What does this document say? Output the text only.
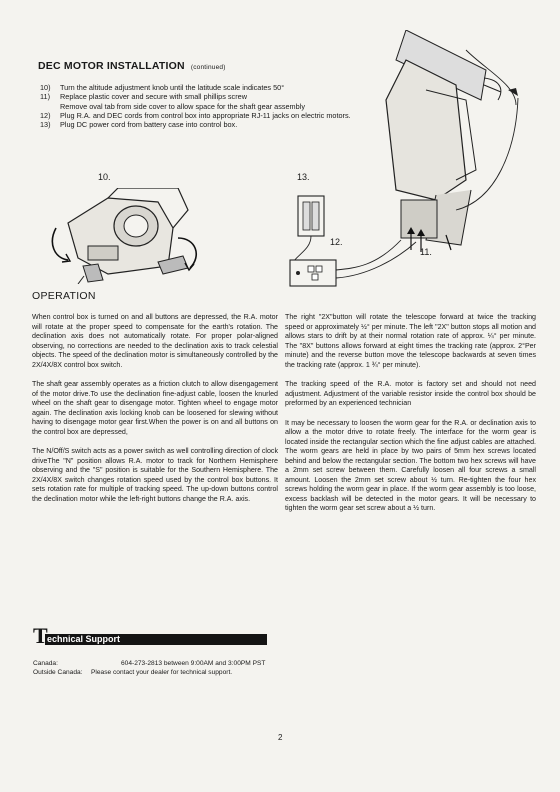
DEC MOTOR INSTALLATION (continued)
10)	Turn the altitude adjustment knob until the latitude scale indicates 50°
11)	Replace plastic cover and secure with small phillips screw
Remove oval tab from side cover to allow space for the shaft gear assembly
12)	Plug R.A. and DEC cords from control box into appropriate RJ-11 jacks on electric motors.
13)	Plug DC power cord from battery case into control box.
10.	13.
12.
11.
OPERATION

When control box is turned on and all buttons are depressed, the R.A. motor will rotate at the proper speed to compensate for the earth's rotation. The declination axis does not automatically rotate. For proper polar-aligned observing, no corrections are needed to the declination axis to track celestial objects. The speed of the declination motor is simultaneously controlled by the 2X/4X/8X control box switch.

The shaft gear assembly operates as a friction clutch to allow disengagement of the motor drive.To use the declination fine-adjust cable, loosen the knurled wheel on the shaft gear to disengage motor. Tighten wheel to engage motor again. The declination axis locking knob can be loosened for slewing without having to disengage motor gear first.When the power is on and all buttons on the control box are depressed,

The N/Off/S switch acts as a power switch as well controlling direction of clock driveThe "N" position allows R.A. motor to track for Northern Hemisphere observing and the "S" position is suitable for the Southern Hemisphere. The 2X/4X/8X switch changes rotation speed used by the control box buttons. It sets rotation rate for multiple of tracking speed. The up-down buttons control the declination motor while the left-right buttons change the R.A. axis.

The right "2X"button will rotate the telescope forward at twice the tracking speed or approximately ½° per minute. The left "2X" button stops all motion and allows stars to drift by at their normal rotation rate of approx. ¼° per minute. The "8X" buttons allows forward at eight times the tracking rate (approx. 2°Per minute) and the reverse button move the telescope backwards at seven times the tracking rate (approx. 1 ¾° per minute).

The tracking speed of the R.A. motor is factory set and should not need adjustment. Adjustment of the variable resistor inside the control box should be preformed by an experienced technician

It may be necessary to loosen the worm gear for the R.A. or declination axis to allow a the motor drive to rotate freely. The interface for the worm gear is located inside the rectangular section which the fine adjust cables are attached. The worm gears are held in place by two pairs of 5mm hex screws located behind and below the rectangular section. The bottom two hex screws will have a 2mm set screw between them. Carefully loosen all four screws a small amount. Loosen the 2mm set screw about ½ turn. Re-tighten the four hex screws holding the worm gear in place. If the worm gear assembly is too loose, excess backlash will be detected in the motor gears. It will be necessary to tighten the worm gear set screw about a ½ turn.

T echnical Support
Canada:	604-273-2813 between 9:00AM and 3:00PM PST
Outside Canada:	Please contact your dealer for technical support.
2
